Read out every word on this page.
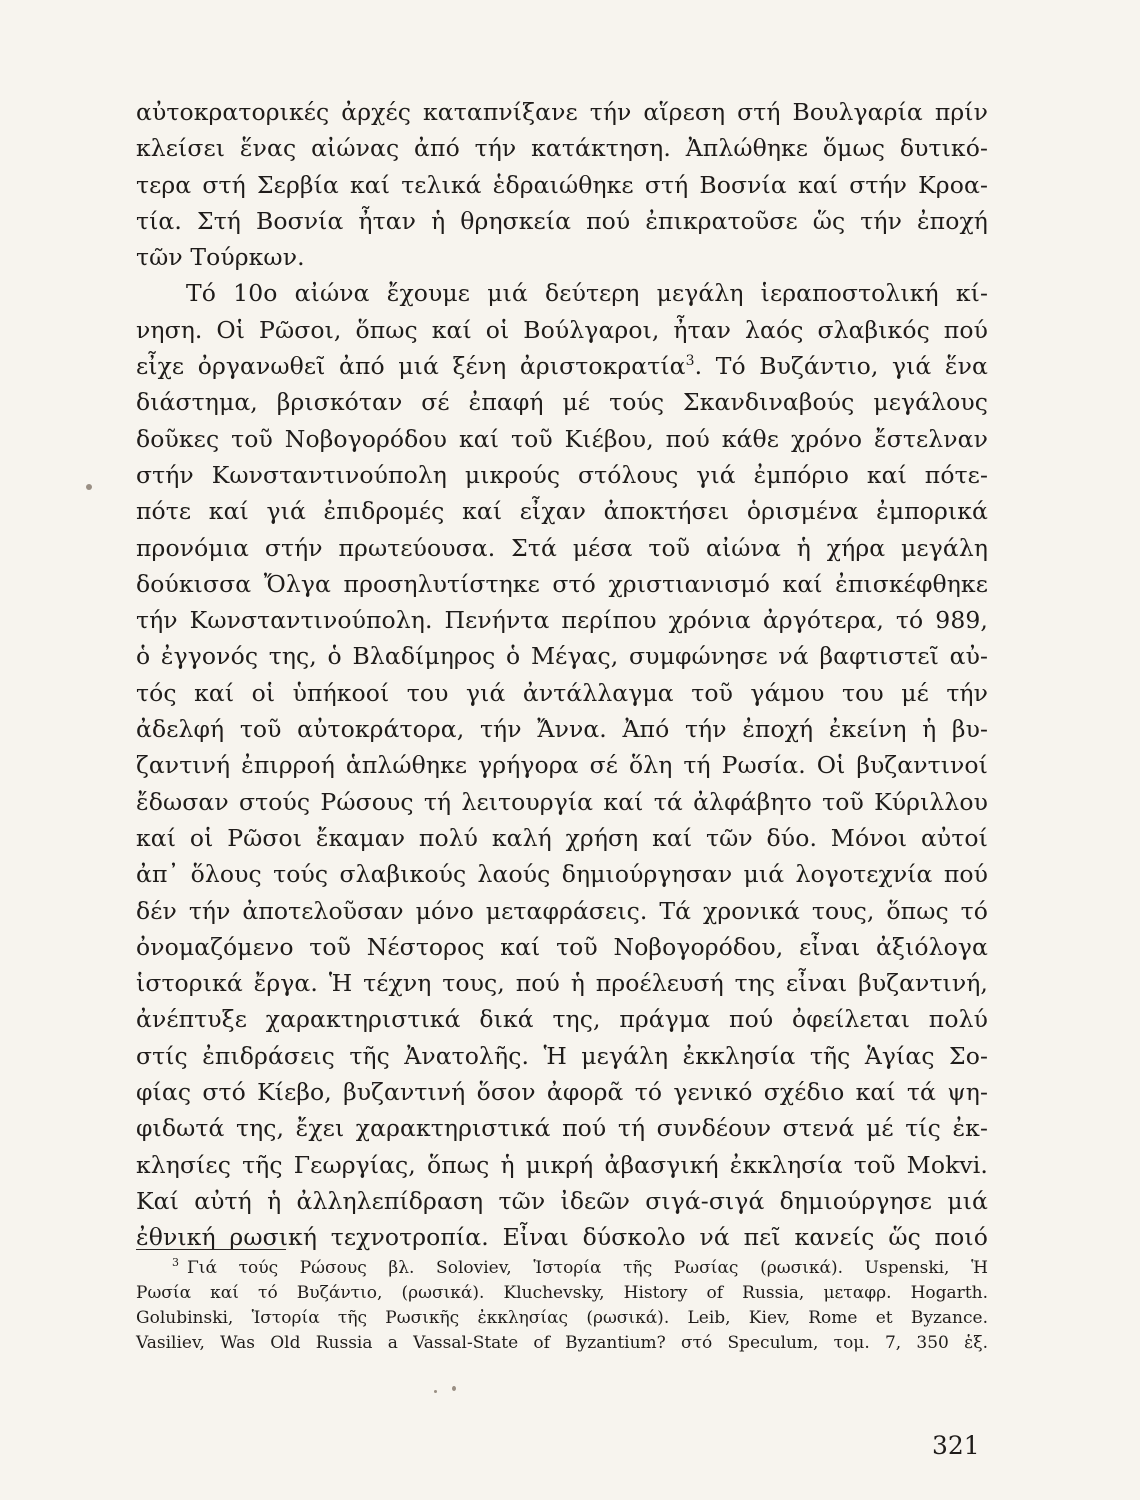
αὐτοκρατορικές ἀρχές καταπνίξανε τήν αἵρεση στή Βουλγαρία πρίν
κλείσει ἕνας αἰώνας ἀπό τήν κατάκτηση. Ἀπλώθηκε ὅμως δυτικό-
τερα στή Σερβία καί τελικά ἑδραιώθηκε στή Βοσνία καί στήν Κροα-
τία. Στή Βοσνία ἦταν ἡ θρησκεία πού ἐπικρατοῦσε ὥς τήν ἐποχή
τῶν Τούρκων.
Τό 10ο αἰώνα ἔχουμε μιά δεύτερη μεγάλη ἱεραποστολική κί-
νηση. Οἱ Ρῶσοι, ὅπως καί οἱ Βούλγαροι, ἦταν λαός σλαβικός πού
εἶχε ὀργανωθεῖ ἀπό μιά ξένη ἀριστοκρατία$^3$. Τό Βυζάντιο, γιά ἕνα
διάστημα, βρισκόταν σέ ἐπαφή μέ τούς Σκανδιναβούς μεγάλους
δοῦκες τοῦ Νοβογορόδου καί τοῦ Κιέβου, πού κάθε χρόνο ἔστελναν
στήν Κωνσταντινούπολη μικρούς στόλους γιά ἐμπόριο καί πότε-
πότε καί γιά ἐπιδρομές καί εἶχαν ἀποκτήσει ὁρισμένα ἐμπορικά
προνόμια στήν πρωτεύουσα. Στά μέσα τοῦ αἰώνα ἡ χήρα μεγάλη
δούκισσα Ὄλγα προσηλυτίστηκε στό χριστιανισμό καί ἐπισκέφθηκε
τήν Κωνσταντινούπολη. Πενήντα περίπου χρόνια ἀργότερα, τό 989,
ὁ ἐγγονός της, ὁ Βλαδίμηρος ὁ Μέγας, συμφώνησε νά βαφτιστεῖ αὐ-
τός καί οἱ ὑπήκοοί του γιά ἀντάλλαγμα τοῦ γάμου του μέ τήν
ἀδελφή τοῦ αὐτοκράτορα, τήν Ἄννα. Ἀπό τήν ἐποχή ἐκείνη ἡ βυ-
ζαντινή ἐπιρροή ἁπλώθηκε γρήγορα σέ ὅλη τή Ρωσία. Οἱ βυζαντινοί
ἔδωσαν στούς Ρώσους τή λειτουργία καί τά ἀλφάβητο τοῦ Κύριλλου
καί οἱ Ρῶσοι ἔκαμαν πολύ καλή χρήση καί τῶν δύο. Μόνοι αὐτοί
ἀπ᾽ ὅλους τούς σλαβικούς λαούς δημιούργησαν μιά λογοτεχνία πού
δέν τήν ἀποτελοῦσαν μόνο μεταφράσεις. Τά χρονικά τους, ὅπως τό
ὀνομαζόμενο τοῦ Νέστορος καί τοῦ Νοβογορόδου, εἶναι ἀξιόλογα
ἱστορικά ἔργα. Ἡ τέχνη τους, πού ἡ προέλευσή της εἶναι βυζαντινή,
ἀνέπτυξε χαρακτηριστικά δικά της, πράγμα πού ὀφείλεται πολύ
στίς ἐπιδράσεις τῆς Ἀνατολῆς. Ἡ μεγάλη ἐκκλησία τῆς Ἁγίας Σο-
φίας στό Κίεβο, βυζαντινή ὅσον ἀφορᾶ τό γενικό σχέδιο καί τά ψη-
φιδωτά της, ἔχει χαρακτηριστικά πού τή συνδέουν στενά μέ τίς ἐκ-
κλησίες τῆς Γεωργίας, ὅπως ἡ μικρή ἀβασγική ἐκκλησία τοῦ Mokvi.
Καί αὐτή ἡ ἀλληλεπίδραση τῶν ἰδεῶν σιγά-σιγά δημιούργησε μιά
ἐθνική ρωσική τεχνοτροπία. Εἶναι δύσκολο νά πεῖ κανείς ὥς ποιό
$^3$ Γιά τούς Ρώσους βλ. Soloviev, Ἱστορία τῆς Ρωσίας (ρωσικά). Uspenski, Ἡ
Ρωσία καί τό Βυζάντιο, (ρωσικά). Kluchevsky, History of Russia, μεταφρ. Hogarth.
Golubinski, Ἱστορία τῆς Ρωσικῆς ἐκκλησίας (ρωσικά). Leib, Kiev, Rome et Byzance.
Vasiliev, Was Old Russia a Vassal-State of Byzantium? στό Speculum, τομ. 7, 350 ἑξ.
321
